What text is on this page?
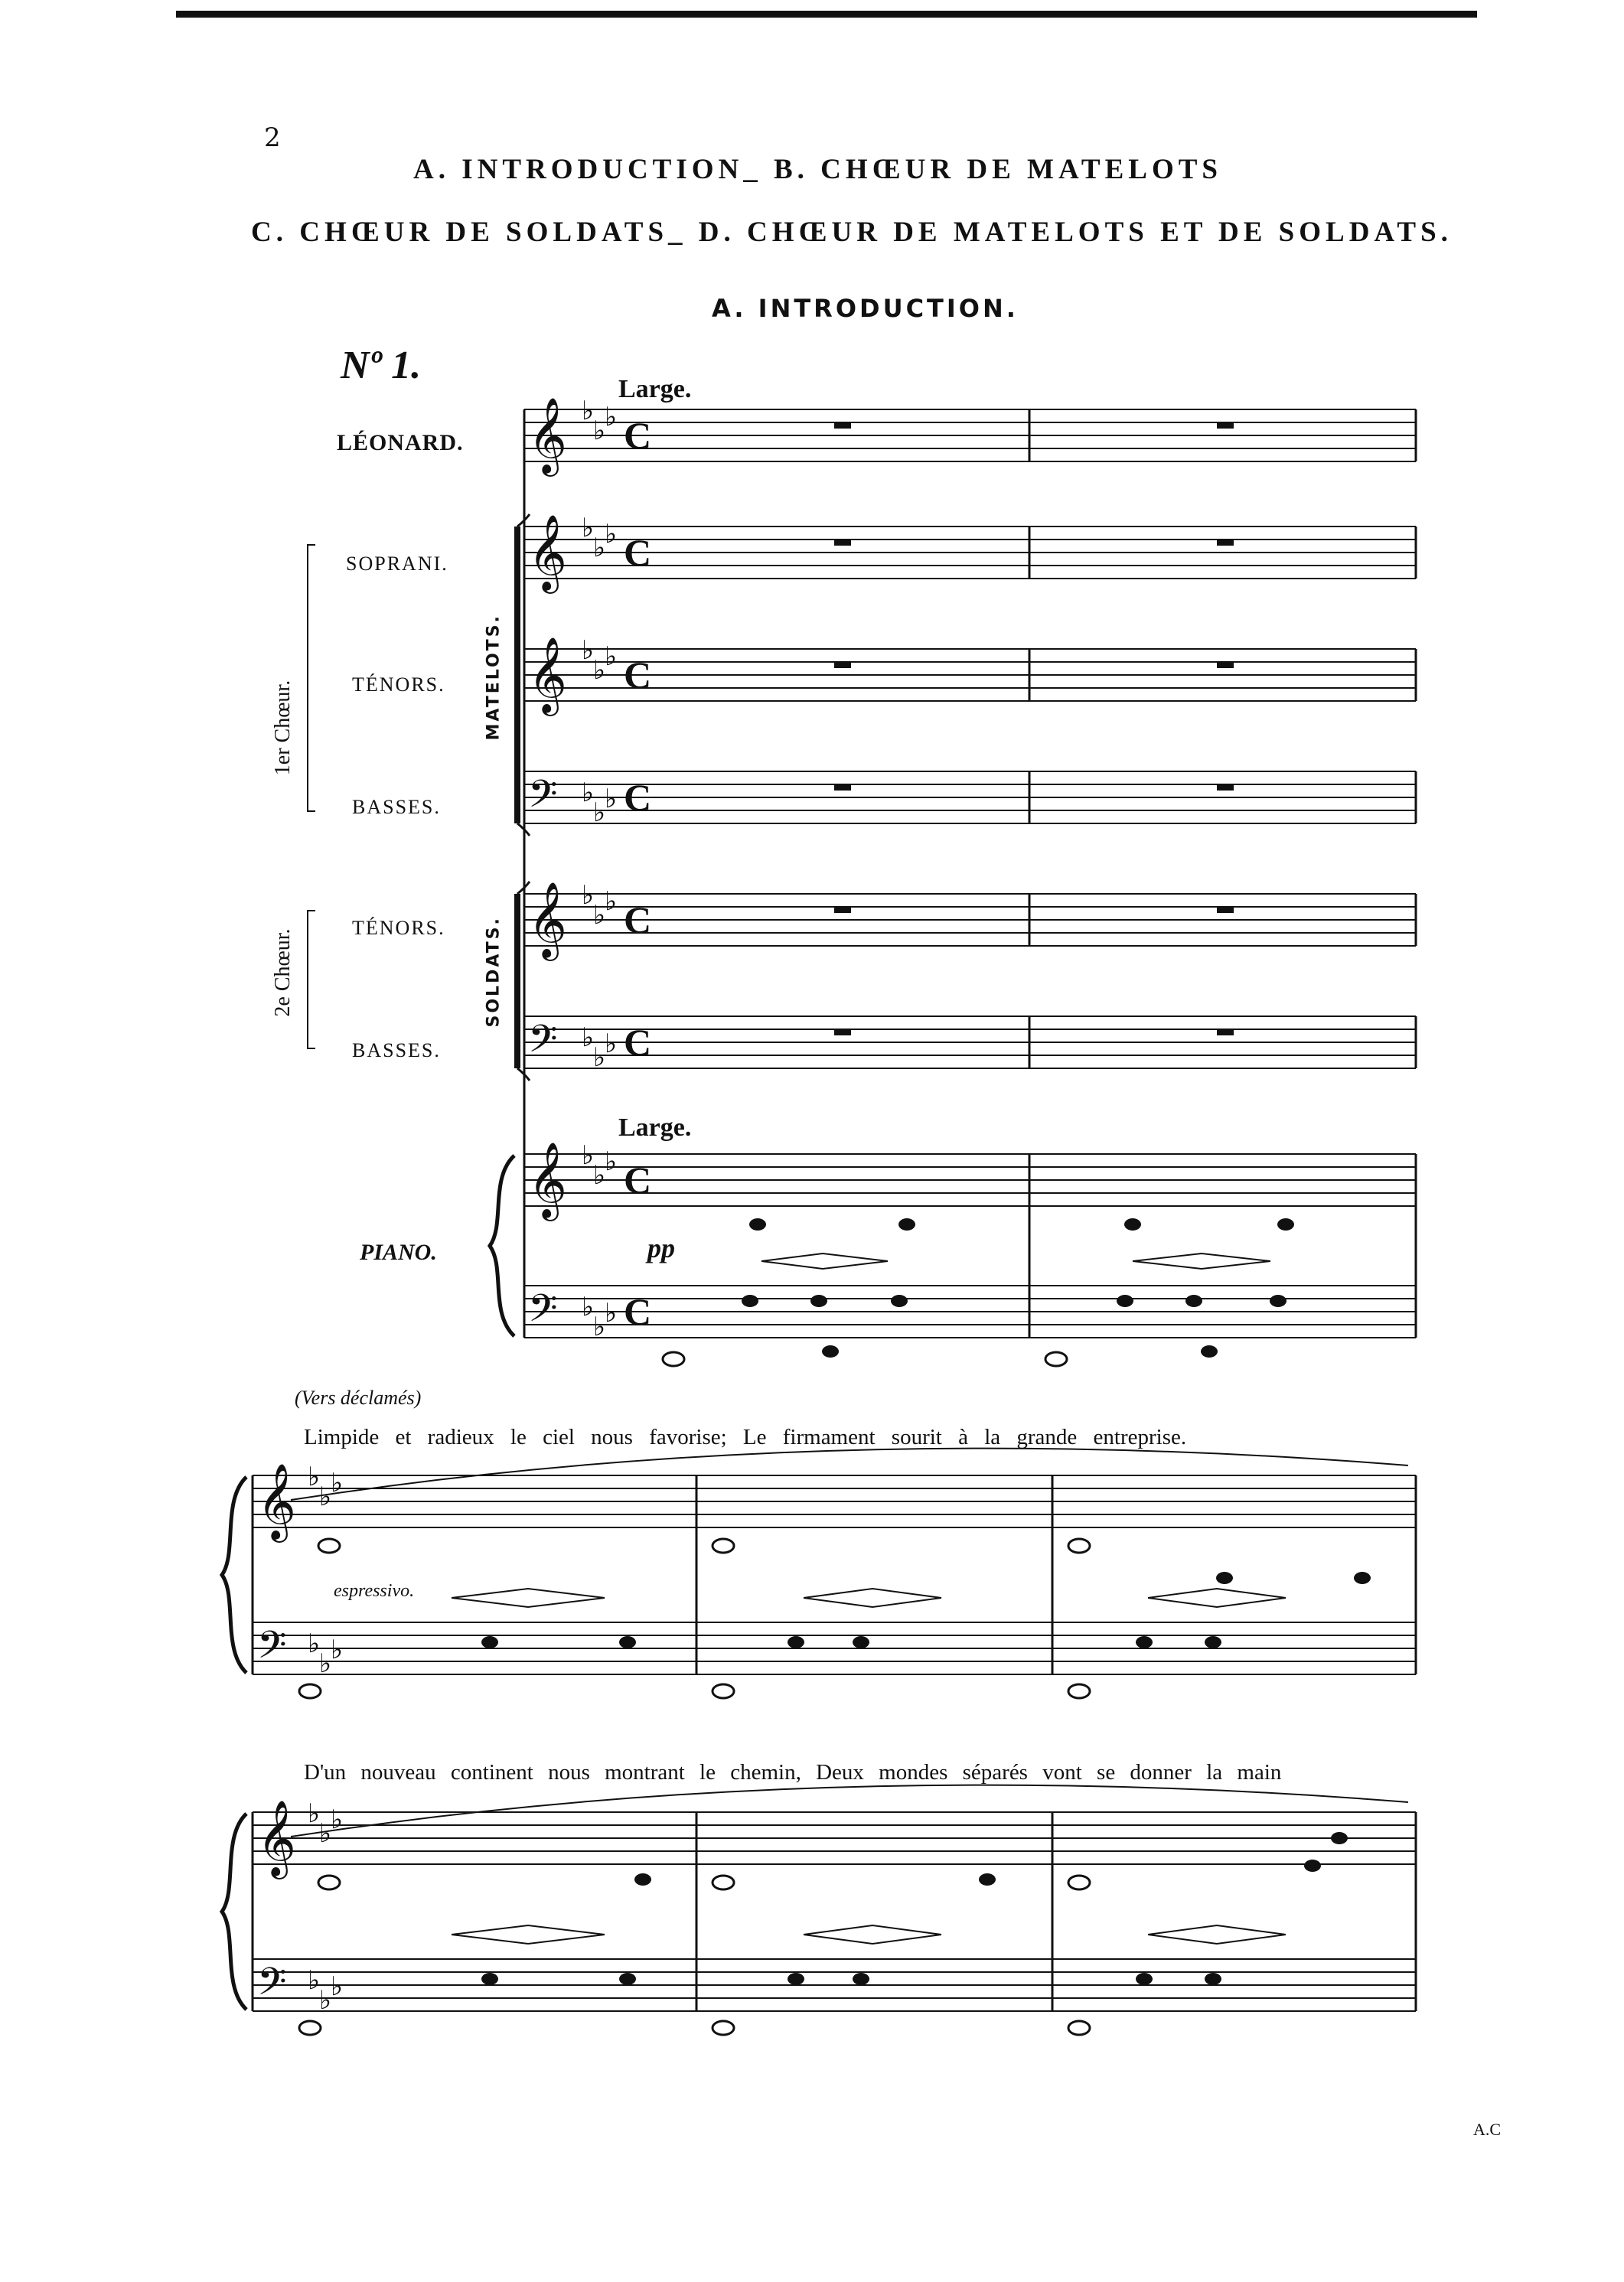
2
A. INTRODUCTION_ B. CHŒUR DE MATELOTS
C. CHŒUR DE SOLDATS_ D. CHŒUR DE MATELOTS ET DE SOLDATS.
A. INTRODUCTION.
Nº 1.
Large.
Large.
LÉONARD.
SOPRANI.
TÉNORS.
BASSES.
TÉNORS.
BASSES.
PIANO.
1er Chœur.	MATELOTS.
2e Chœur.	SOLDATS.
pp
espressivo.
(Vers déclamés)
Limpide et radieux le ciel nous favorise; Le firmament sourit à la grande entreprise.
D'un nouveau continent nous montrant le chemin, Deux mondes séparés vont se donner la main
A.C
𝄞
𝄞
𝄞
𝄞
𝄞
𝄞
𝄞
𝄢
𝄢
𝄢
𝄢
𝄢
♭
♭
♭
♭
♭
♭
♭
♭
♭
♭
♭
♭
♭
♭
♭
♭
♭
♭
♭
♭
♭
♭
♭
♭
♭
♭
♭
♭
♭
♭
♭
♭
♭
♭
♭
♭
C
C
C
C
C
C
C
C
